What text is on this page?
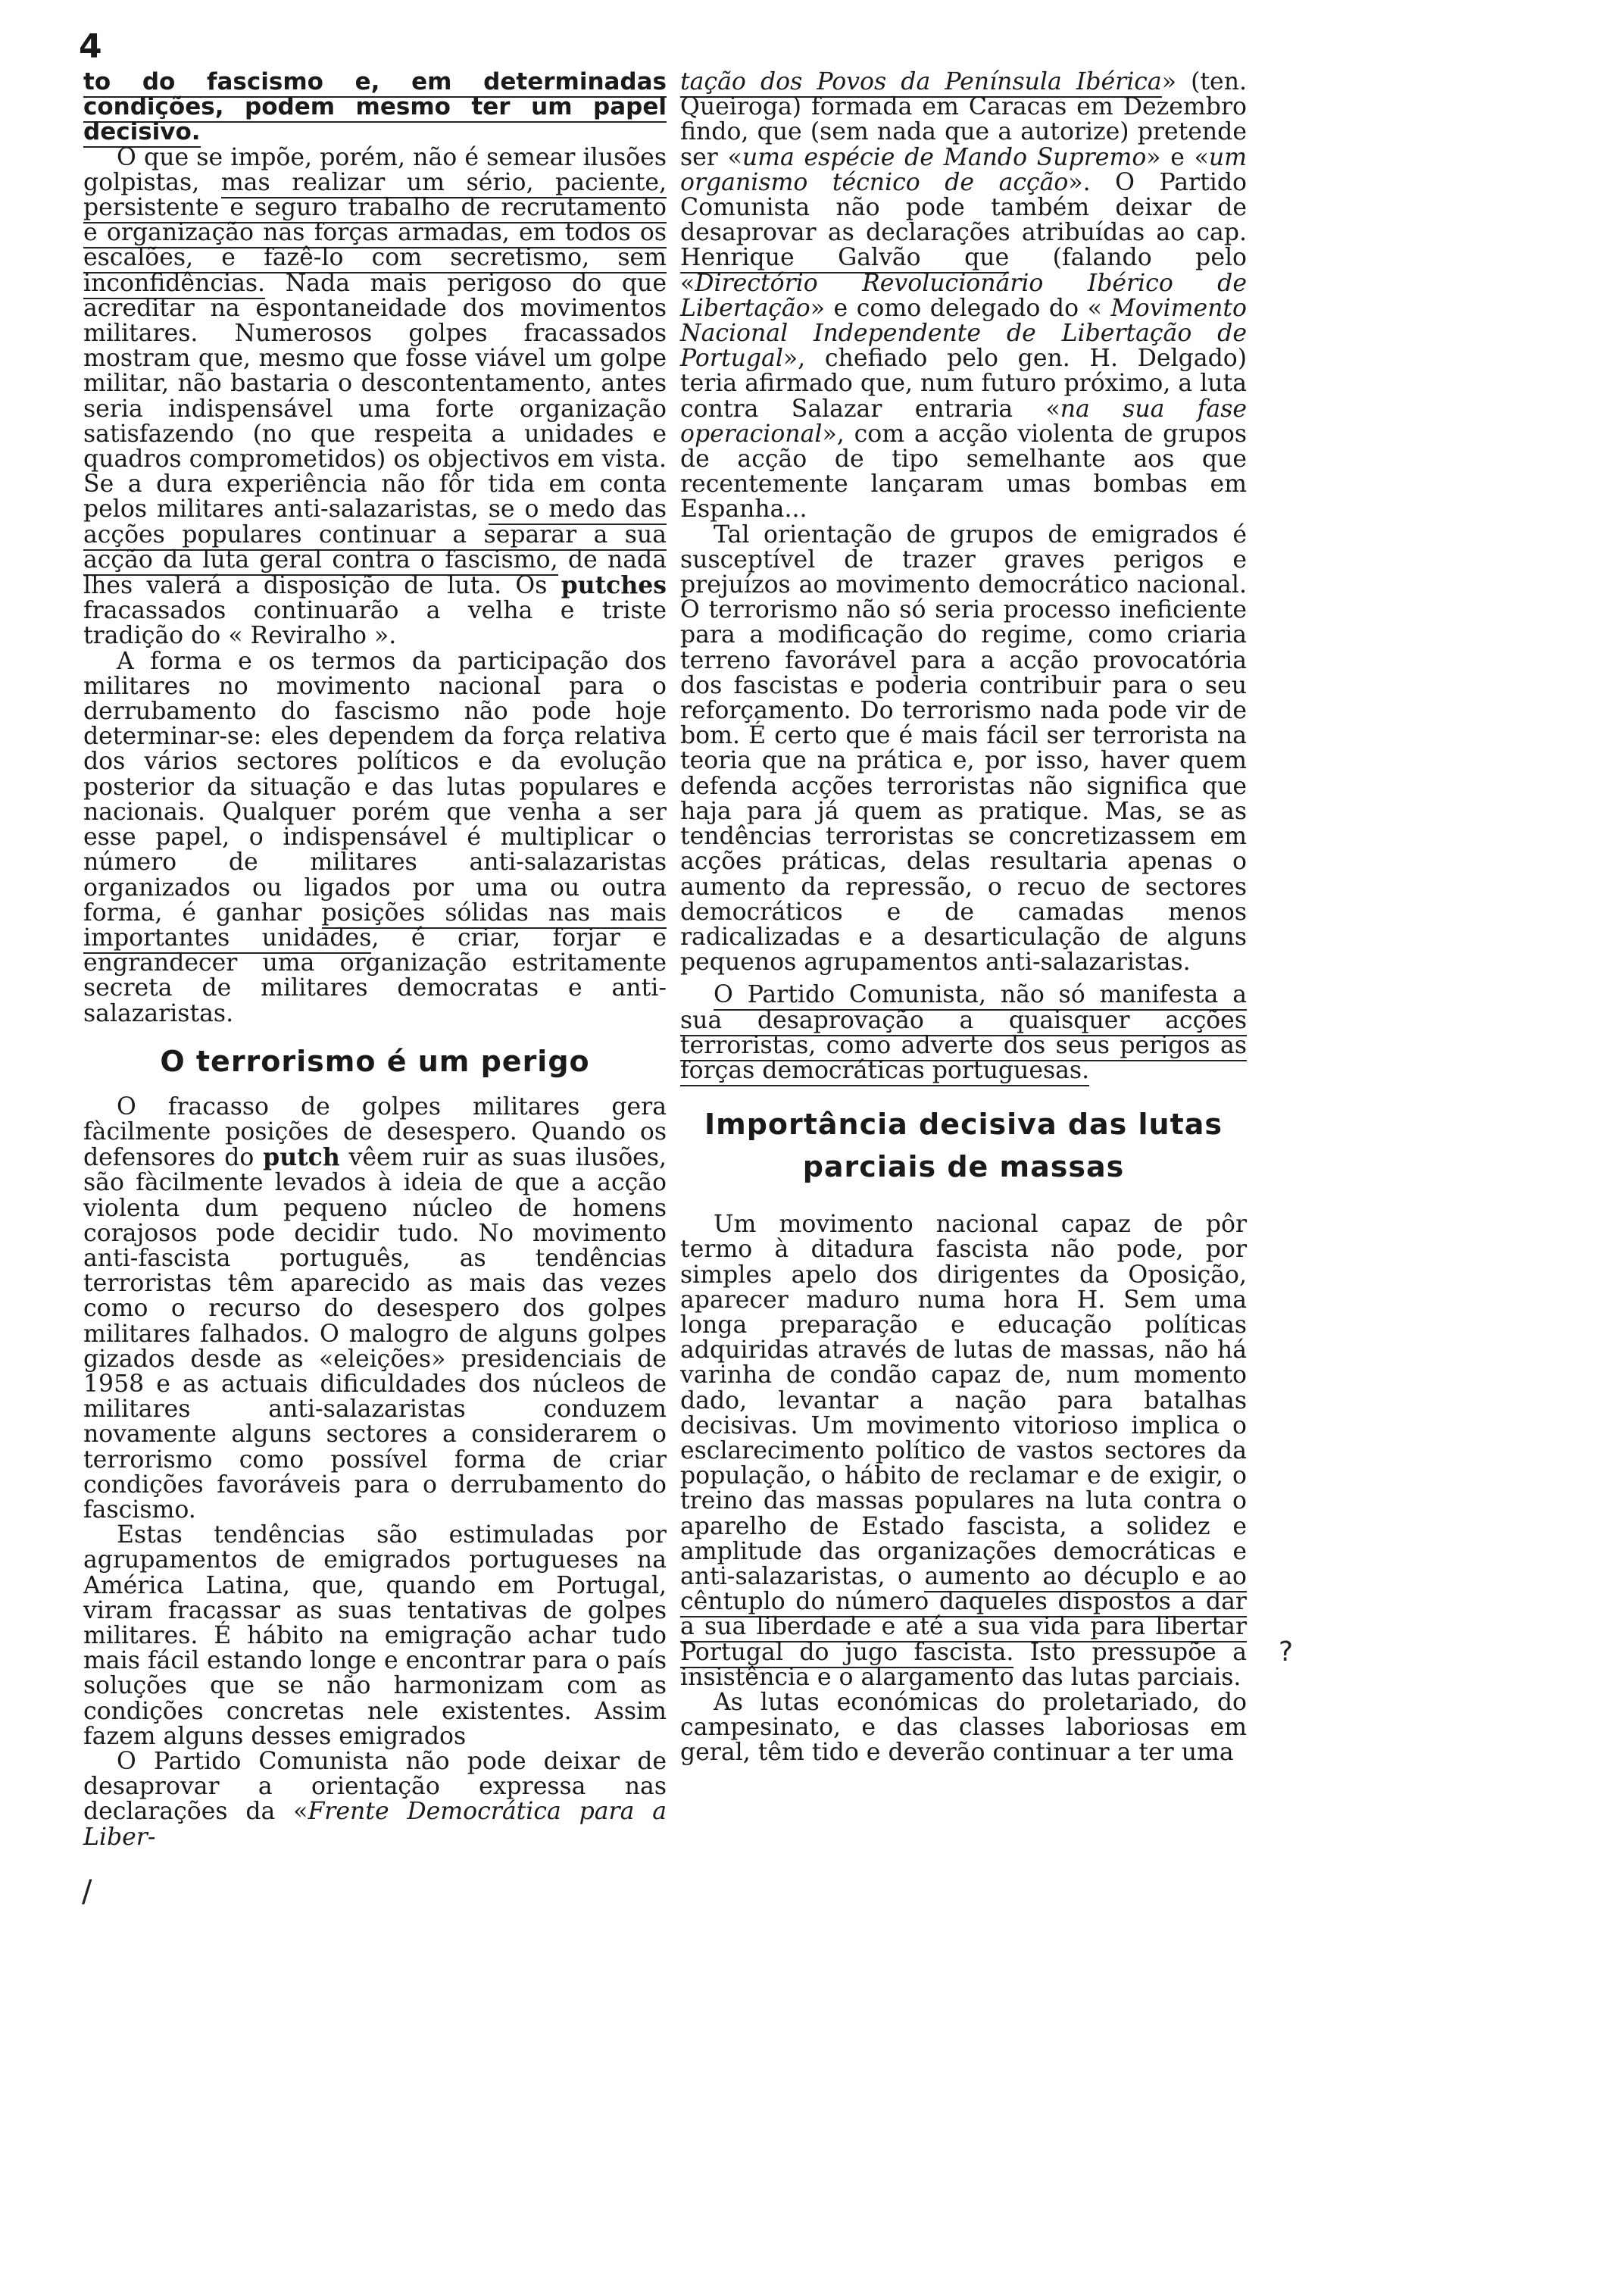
4

to do fascismo e, em determinadas condições, podem mesmo ter um papel decisivo.

O que se impõe, porém, não é semear ilusões golpistas, mas realizar um sério, paciente, persistente e seguro trabalho de recrutamento e organização nas forças armadas, em todos os escalões, e fazê-lo com secretismo, sem inconfidências. Nada mais perigoso do que acreditar na espontaneidade dos movimentos militares. Numerosos golpes fracassados mostram que, mesmo que fosse viável um golpe militar, não bastaria o descontentamento, antes seria indispensável uma forte organização satisfazendo (no que respeita a unidades e quadros comprometidos) os objectivos em vista. Se a dura experiência não fôr tida em conta pelos militares anti-salazaristas, se o medo das acções populares continuar a separar a sua acção da luta geral contra o fascismo, de nada lhes valerá a disposição de luta. Os putches fracassados continuarão a velha e triste tradição do « Reviralho ».

A forma e os termos da participação dos militares no movimento nacional para o derrubamento do fascismo não pode hoje determinar-se: eles dependem da força relativa dos vários sectores políticos e da evolução posterior da situação e das lutas populares e nacionais. Qualquer porém que venha a ser esse papel, o indispensável é multiplicar o número de militares anti-salazaristas organizados ou ligados por uma ou outra forma, é ganhar posições sólidas nas mais importantes unidades, é criar, forjar e engrandecer uma organização estritamente secreta de militares democratas e anti-salazaristas.

O terrorismo é um perigo

O fracasso de golpes militares gera fàcilmente posições de desespero. Quando os defensores do putch vêem ruir as suas ilusões, são fàcilmente levados à ideia de que a acção violenta dum pequeno núcleo de homens corajosos pode decidir tudo. No movimento anti-fascista português, as tendências terroristas têm aparecido as mais das vezes como o recurso do desespero dos golpes militares falhados. O malogro de alguns golpes gizados desde as «eleições» presidenciais de 1958 e as actuais dificuldades dos núcleos de militares anti-salazaristas conduzem novamente alguns sectores a considerarem o terrorismo como possível forma de criar condições favoráveis para o derrubamento do fascismo.

Estas tendências são estimuladas por agrupamentos de emigrados portugueses na América Latina, que, quando em Portugal, viram fracassar as suas tentativas de golpes militares. É hábito na emigração achar tudo mais fácil estando longe e encontrar para o país soluções que se não harmonizam com as condições concretas nele existentes. Assim fazem alguns desses emigrados

O Partido Comunista não pode deixar de desaprovar a orientação expressa nas declarações da «Frente Democrática para a Liber-

tação dos Povos da Península Ibérica» (ten. Queiroga) formada em Caracas em Dezembro findo, que (sem nada que a autorize) pretende ser «uma espécie de Mando Supremo» e «um organismo técnico de acção». O Partido Comunista não pode também deixar de desaprovar as declarações atribuídas ao cap. Henrique Galvão que (falando pelo «Directório Revolucionário Ibérico de Libertação» e como delegado do « Movimento Nacional Independente de Libertação de Portugal», chefiado pelo gen. H. Delgado) teria afirmado que, num futuro próximo, a luta contra Salazar entraria «na sua fase operacional», com a acção violenta de grupos de acção de tipo semelhante aos que recentemente lançaram umas bombas em Espanha...

Tal orientação de grupos de emigrados é susceptível de trazer graves perigos e prejuízos ao movimento democrático nacional. O terrorismo não só seria processo ineficiente para a modificação do regime, como criaria terreno favorável para a acção provocatória dos fascistas e poderia contribuir para o seu reforçamento. Do terrorismo nada pode vir de bom. É certo que é mais fácil ser terrorista na teoria que na prática e, por isso, haver quem defenda acções terroristas não significa que haja para já quem as pratique. Mas, se as tendências terroristas se concretizassem em acções práticas, delas resultaria apenas o aumento da repressão, o recuo de sectores democráticos e de camadas menos radicalizadas e a desarticulação de alguns pequenos agrupamentos anti-salazaristas.

O Partido Comunista, não só manifesta a sua desaprovação a quaisquer acções terroristas, como adverte dos seus perigos as forças democráticas portuguesas.

Importância decisiva das lutas parciais de massas

Um movimento nacional capaz de pôr termo à ditadura fascista não pode, por simples apelo dos dirigentes da Oposição, aparecer maduro numa hora H. Sem uma longa preparação e educação políticas adquiridas através de lutas de massas, não há varinha de condão capaz de, num momento dado, levantar a nação para batalhas decisivas. Um movimento vitorioso implica o esclarecimento político de vastos sectores da população, o hábito de reclamar e de exigir, o treino das massas populares na luta contra o aparelho de Estado fascista, a solidez e amplitude das organizações democráticas e anti-salazaristas, o aumento ao décuplo e ao cêntuplo do número daqueles dispostos a dar a sua liberdade e até a sua vida para libertar Portugal do jugo fascista. Isto pressupõe a insistência e o alargamento das lutas parciais.

As lutas económicas do proletariado, do campesinato, e das classes laboriosas em geral, têm tido e deverão continuar a ter uma

?
/
